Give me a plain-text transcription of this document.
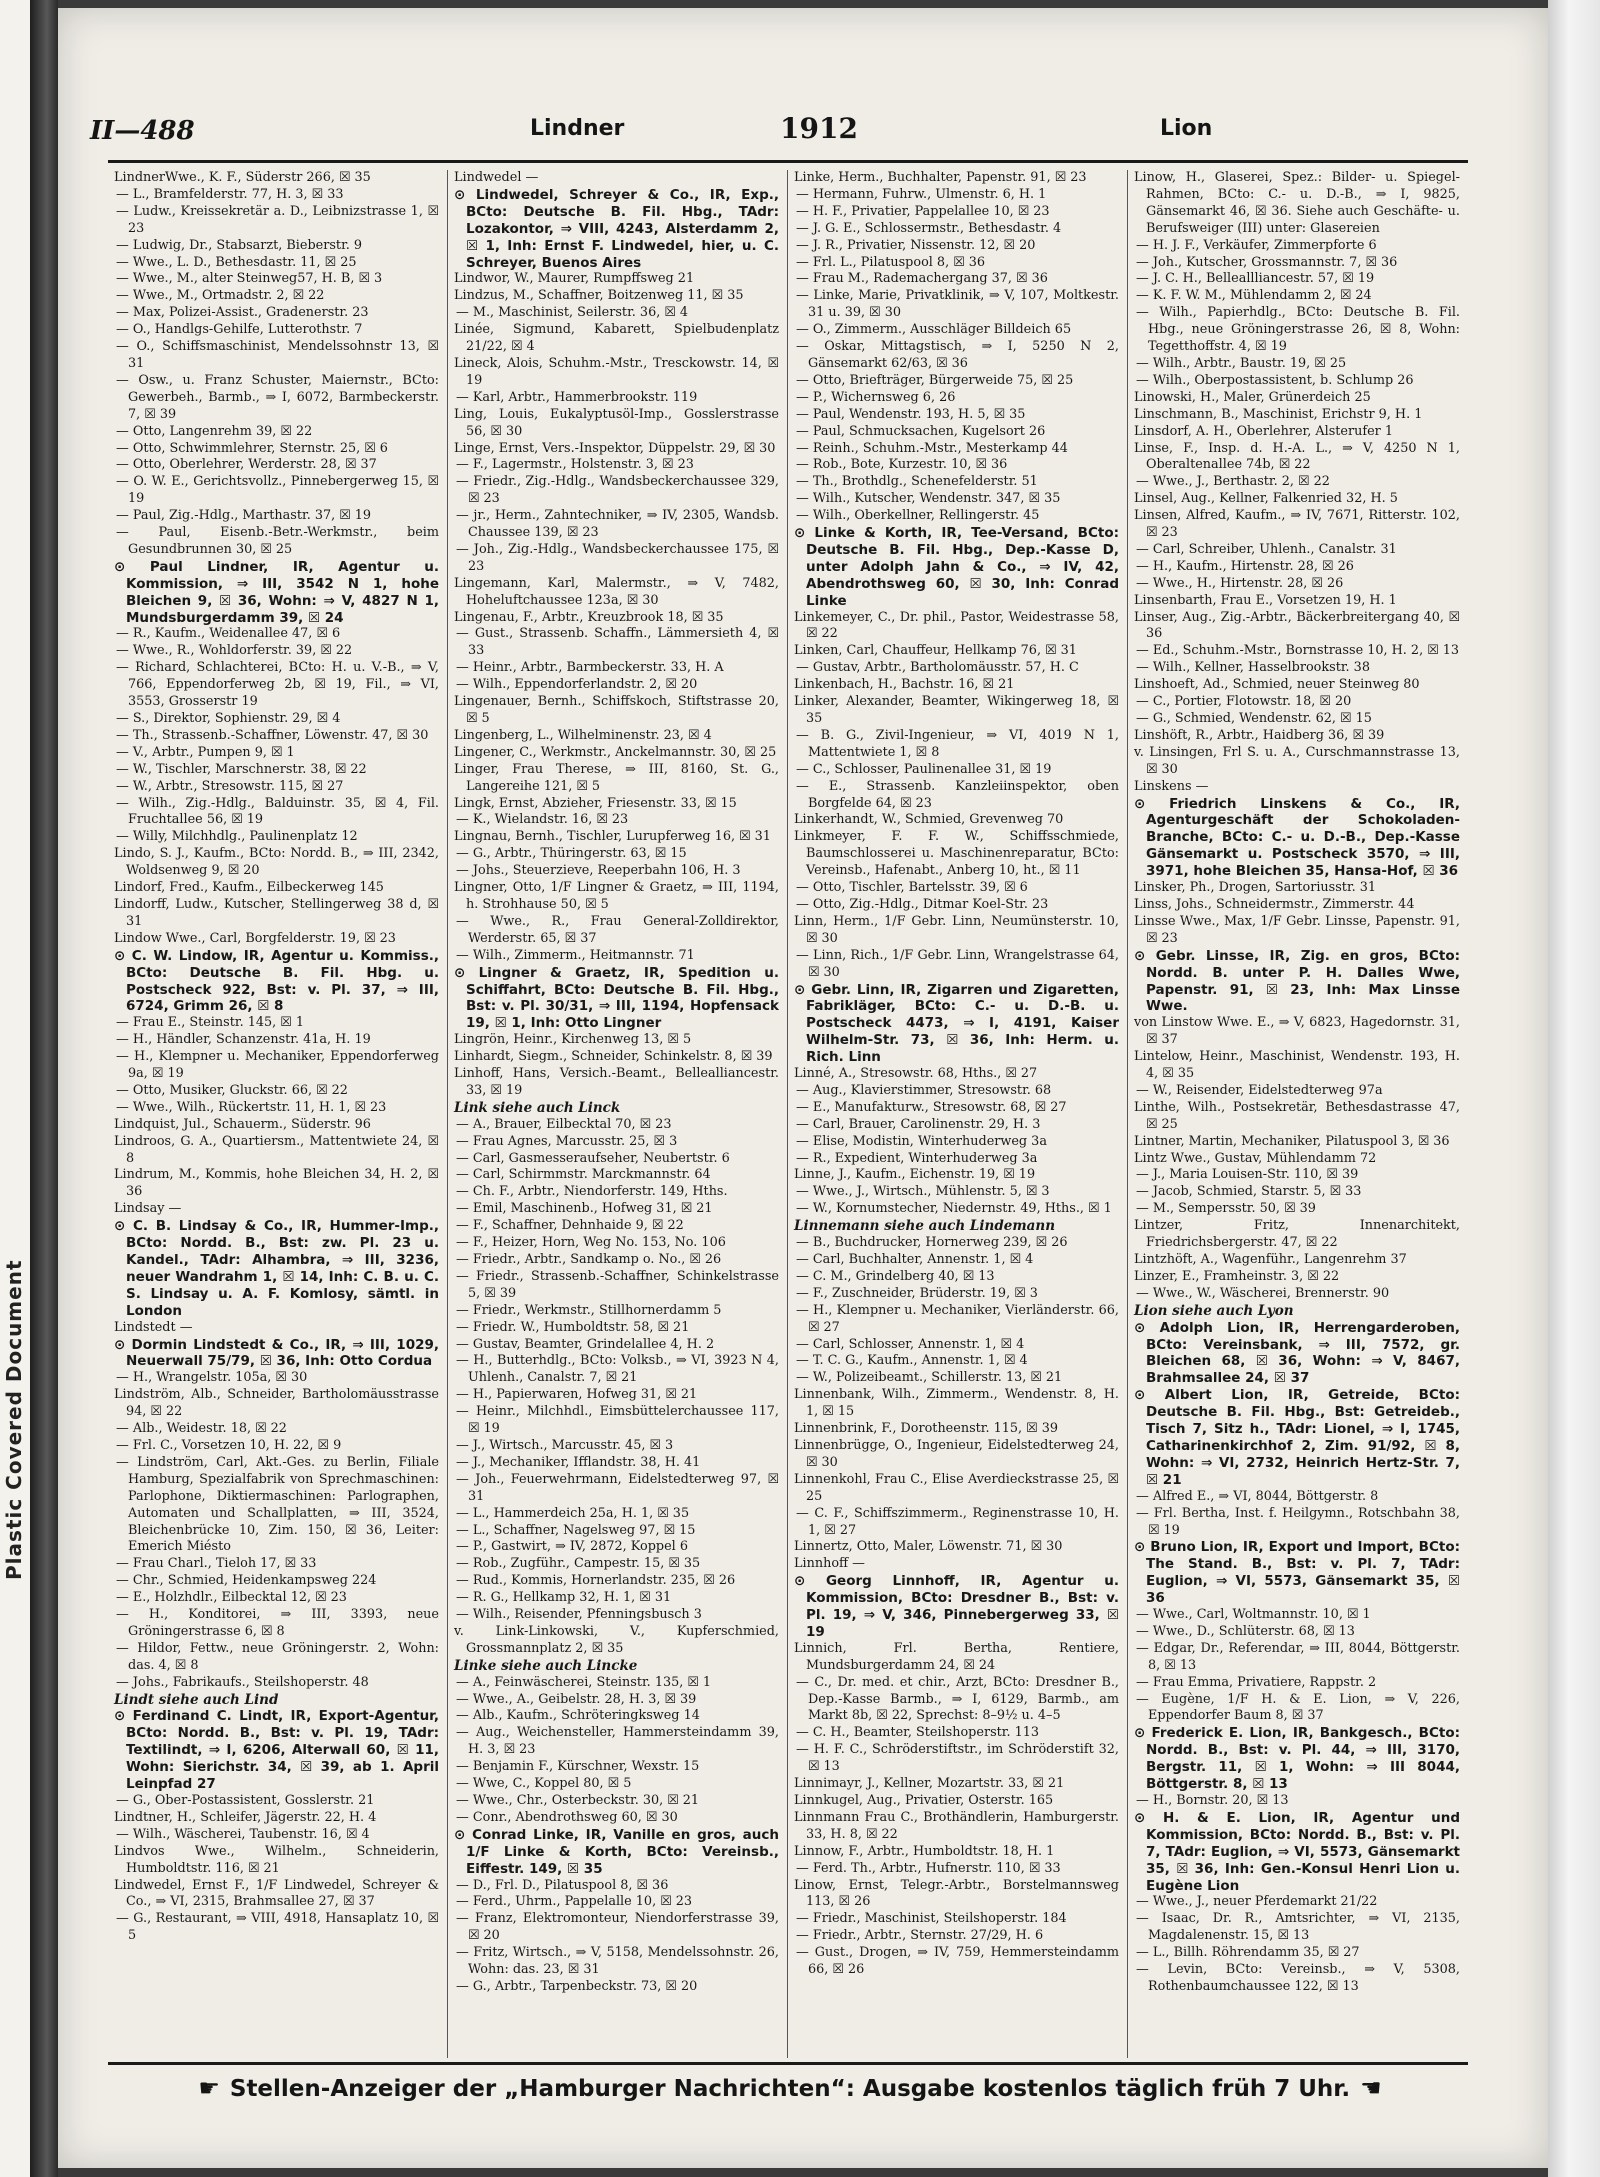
Plastic Covered Document
II—488	Lindner	1912	Lion

LindnerWwe., K. F., Süderstr 266, ☒ 35

— L., Bramfelderstr. 77, H. 3, ☒ 33

— Ludw., Kreissekretär a. D., Leibnizstrasse 1, ☒ 23

— Ludwig, Dr., Stabsarzt, Bieberstr. 9

— Wwe., L. D., Bethesdastr. 11, ☒ 25

— Wwe., M., alter Steinweg57, H. B, ☒ 3

— Wwe., M., Ortmadstr. 2, ☒ 22

— Max, Polizei-Assist., Gradenerstr. 23

— O., Handlgs-Gehilfe, Lutterothstr. 7

— O., Schiffsmaschinist, Mendelssohnstr 13, ☒ 31

— Osw., u. Franz Schuster, Maiernstr., BCto: Gewerbeh., Barmb., ⇒ I, 6072, Barmbeckerstr. 7, ☒ 39

— Otto, Langenrehm 39, ☒ 22

— Otto, Schwimmlehrer, Sternstr. 25, ☒ 6

— Otto, Oberlehrer, Werderstr. 28, ☒ 37

— O. W. E., Gerichtsvollz., Pinnebergerweg 15, ☒ 19

— Paul, Zig.-Hdlg., Marthastr. 37, ☒ 19

— Paul, Eisenb.-Betr.-Werkmstr., beim Gesundbrunnen 30, ☒ 25

⊙ Paul Lindner, IR, Agentur u. Kommission, ⇒ III, 3542 N 1, hohe Bleichen 9, ☒ 36, Wohn: ⇒ V, 4827 N 1, Mundsburgerdamm 39, ☒ 24

— R., Kaufm., Weidenallee 47, ☒ 6

— Wwe., R., Wohldorferstr. 39, ☒ 22

— Richard, Schlachterei, BCto: H. u. V.-B., ⇒ V, 766, Eppendorferweg 2b, ☒ 19, Fil., ⇒ VI, 3553, Grosserstr 19

— S., Direktor, Sophienstr. 29, ☒ 4

— Th., Strassenb.-Schaffner, Löwenstr. 47, ☒ 30

— V., Arbtr., Pumpen 9, ☒ 1

— W., Tischler, Marschnerstr. 38, ☒ 22

— W., Arbtr., Stresowstr. 115, ☒ 27

— Wilh., Zig.-Hdlg., Balduinstr. 35, ☒ 4, Fil. Fruchtallee 56, ☒ 19

— Willy, Milchhdlg., Paulinenplatz 12

Lindo, S. J., Kaufm., BCto: Nordd. B., ⇒ III, 2342, Woldsenweg 9, ☒ 20

Lindorf, Fred., Kaufm., Eilbeckerweg 145

Lindorff, Ludw., Kutscher, Stellingerweg 38 d, ☒ 31

Lindow Wwe., Carl, Borgfelderstr. 19, ☒ 23

⊙ C. W. Lindow, IR, Agentur u. Kommiss., BCto: Deutsche B. Fil. Hbg. u. Postscheck 922, Bst: v. Pl. 37, ⇒ III, 6724, Grimm 26, ☒ 8

— Frau E., Steinstr. 145, ☒ 1

— H., Händler, Schanzenstr. 41a, H. 19

— H., Klempner u. Mechaniker, Eppendorferweg 9a, ☒ 19

— Otto, Musiker, Gluckstr. 66, ☒ 22

— Wwe., Wilh., Rückertstr. 11, H. 1, ☒ 23

Lindquist, Jul., Schauerm., Süderstr. 96

Lindroos, G. A., Quartiersm., Mattentwiete 24, ☒ 8

Lindrum, M., Kommis, hohe Bleichen 34, H. 2, ☒ 36

Lindsay —

⊙ C. B. Lindsay & Co., IR, Hummer-Imp., BCto: Nordd. B., Bst: zw. Pl. 23 u. Kandel., TAdr: Alhambra, ⇒ III, 3236, neuer Wandrahm 1, ☒ 14, Inh: C. B. u. C. S. Lindsay u. A. F. Komlosy, sämtl. in London

Lindstedt —

⊙ Dormin Lindstedt & Co., IR, ⇒ III, 1029, Neuerwall 75/79, ☒ 36, Inh: Otto Cordua

— H., Wrangelstr. 105a, ☒ 30

Lindström, Alb., Schneider, Bartholomäusstrasse 94, ☒ 22

— Alb., Weidestr. 18, ☒ 22

— Frl. C., Vorsetzen 10, H. 22, ☒ 9

— Lindström, Carl, Akt.-Ges. zu Berlin, Filiale Hamburg, Spezialfabrik von Sprechmaschinen: Parlophone, Diktiermaschinen: Parlographen, Automaten und Schallplatten, ⇒ III, 3524, Bleichenbrücke 10, Zim. 150, ☒ 36, Leiter: Emerich Miésto

— Frau Charl., Tieloh 17, ☒ 33

— Chr., Schmied, Heidenkampsweg 224

— E., Holzhdlr., Eilbecktal 12, ☒ 23

— H., Konditorei, ⇒ III, 3393, neue Gröningerstrasse 6, ☒ 8

— Hildor, Fettw., neue Gröningerstr. 2, Wohn: das. 4, ☒ 8

— Johs., Fabrikaufs., Steilshoperstr. 48

Lindt siehe auch Lind

⊙ Ferdinand C. Lindt, IR, Export-Agentur, BCto: Nordd. B., Bst: v. Pl. 19, TAdr: Textilindt, ⇒ I, 6206, Alterwall 60, ☒ 11, Wohn: Sierichstr. 34, ☒ 39, ab 1. April Leinpfad 27

— G., Ober-Postassistent, Gosslerstr. 21

Lindtner, H., Schleifer, Jägerstr. 22, H. 4

— Wilh., Wäscherei, Taubenstr. 16, ☒ 4

Lindvos Wwe., Wilhelm., Schneiderin, Humboldtstr. 116, ☒ 21

Lindwedel, Ernst F., 1/F Lindwedel, Schreyer & Co., ⇒ VI, 2315, Brahmsallee 27, ☒ 37

— G., Restaurant, ⇒ VIII, 4918, Hansaplatz 10, ☒ 5

Lindwedel —

⊙ Lindwedel, Schreyer & Co., IR, Exp., BCto: Deutsche B. Fil. Hbg., TAdr: Lozakontor, ⇒ VIII, 4243, Alsterdamm 2, ☒ 1, Inh: Ernst F. Lindwedel, hier, u. C. Schreyer, Buenos Aires

Lindwor, W., Maurer, Rumpffsweg 21

Lindzus, M., Schaffner, Boitzenweg 11, ☒ 35

— M., Maschinist, Seilerstr. 36, ☒ 4

Linée, Sigmund, Kabarett, Spielbudenplatz 21/22, ☒ 4

Lineck, Alois, Schuhm.-Mstr., Tresckowstr. 14, ☒ 19

— Karl, Arbtr., Hammerbrookstr. 119

Ling, Louis, Eukalyptusöl-Imp., Gosslerstrasse 56, ☒ 30

Linge, Ernst, Vers.-Inspektor, Düppelstr. 29, ☒ 30

— F., Lagermstr., Holstenstr. 3, ☒ 23

— Friedr., Zig.-Hdlg., Wandsbeckerchaussee 329, ☒ 23

— jr., Herm., Zahntechniker, ⇒ IV, 2305, Wandsb. Chaussee 139, ☒ 23

— Joh., Zig.-Hdlg., Wandsbeckerchaussee 175, ☒ 23

Lingemann, Karl, Malermstr., ⇒ V, 7482, Hoheluftchaussee 123a, ☒ 30

Lingenau, F., Arbtr., Kreuzbrook 18, ☒ 35

— Gust., Strassenb. Schaffn., Lämmersieth 4, ☒ 33

— Heinr., Arbtr., Barmbeckerstr. 33, H. A

— Wilh., Eppendorferlandstr. 2, ☒ 20

Lingenauer, Bernh., Schiffskoch, Stiftstrasse 20, ☒ 5

Lingenberg, L., Wilhelminenstr. 23, ☒ 4

Lingener, C., Werkmstr., Anckelmannstr. 30, ☒ 25

Linger, Frau Therese, ⇒ III, 8160, St. G., Langereihe 121, ☒ 5

Lingk, Ernst, Abzieher, Friesenstr. 33, ☒ 15

— K., Wielandstr. 16, ☒ 23

Lingnau, Bernh., Tischler, Lurupferweg 16, ☒ 31

— G., Arbtr., Thüringerstr. 63, ☒ 15

— Johs., Steuerzieve, Reeperbahn 106, H. 3

Lingner, Otto, 1/F Lingner & Graetz, ⇒ III, 1194, h. Strohhause 50, ☒ 5

— Wwe., R., Frau General-Zolldirektor, Werderstr. 65, ☒ 37

— Wilh., Zimmerm., Heitmannstr. 71

⊙ Lingner & Graetz, IR, Spedition u. Schiffahrt, BCto: Deutsche B. Fil. Hbg., Bst: v. Pl. 30/31, ⇒ III, 1194, Hopfensack 19, ☒ 1, Inh: Otto Lingner

Lingrön, Heinr., Kirchenweg 13, ☒ 5

Linhardt, Siegm., Schneider, Schinkelstr. 8, ☒ 39

Linhoff, Hans, Versich.-Beamt., Bellealliancestr. 33, ☒ 19

Link siehe auch Linck

— A., Brauer, Eilbecktal 70, ☒ 23

— Frau Agnes, Marcusstr. 25, ☒ 3

— Carl, Gasmesseraufseher, Neubertstr. 6

— Carl, Schirmmstr. Marckmannstr. 64

— Ch. F., Arbtr., Niendorferstr. 149, Hths.

— Emil, Maschinenb., Hofweg 31, ☒ 21

— F., Schaffner, Dehnhaide 9, ☒ 22

— F., Heizer, Horn, Weg No. 153, No. 106

— Friedr., Arbtr., Sandkamp o. No., ☒ 26

— Friedr., Strassenb.-Schaffner, Schinkelstrasse 5, ☒ 39

— Friedr., Werkmstr., Stillhornerdamm 5

— Friedr. W., Humboldtstr. 58, ☒ 21

— Gustav, Beamter, Grindelallee 4, H. 2

— H., Butterhdlg., BCto: Volksb., ⇒ VI, 3923 N 4, Uhlenh., Canalstr. 7, ☒ 21

— H., Papierwaren, Hofweg 31, ☒ 21

— Heinr., Milchhdl., Eimsbüttelerchaussee 117, ☒ 19

— J., Wirtsch., Marcusstr. 45, ☒ 3

— J., Mechaniker, Ifflandstr. 38, H. 41

— Joh., Feuerwehrmann, Eidelstedterweg 97, ☒ 31

— L., Hammerdeich 25a, H. 1, ☒ 35

— L., Schaffner, Nagelsweg 97, ☒ 15

— P., Gastwirt, ⇒ IV, 2872, Koppel 6

— Rob., Zugführ., Campestr. 15, ☒ 35

— Rud., Kommis, Hornerlandstr. 235, ☒ 26

— R. G., Hellkamp 32, H. 1, ☒ 31

— Wilh., Reisender, Pfenningsbusch 3

v. Link-Linkowski, V., Kupferschmied, Grossmannplatz 2, ☒ 35

Linke siehe auch Lincke

— A., Feinwäscherei, Steinstr. 135, ☒ 1

— Wwe., A., Geibelstr. 28, H. 3, ☒ 39

— Alb., Kaufm., Schröteringksweg 14

— Aug., Weichensteller, Hammersteindamm 39, H. 3, ☒ 23

— Benjamin F., Kürschner, Wexstr. 15

— Wwe, C., Koppel 80, ☒ 5

— Wwe., Chr., Osterbeckstr. 30, ☒ 21

— Conr., Abendrothsweg 60, ☒ 30

⊙ Conrad Linke, IR, Vanille en gros, auch 1/F Linke & Korth, BCto: Vereinsb., Eiffestr. 149, ☒ 35

— D., Frl. D., Pilatuspool 8, ☒ 36

— Ferd., Uhrm., Pappelalle 10, ☒ 23

— Franz, Elektromonteur, Niendorferstrasse 39, ☒ 20

— Fritz, Wirtsch., ⇒ V, 5158, Mendelssohnstr. 26, Wohn: das. 23, ☒ 31

— G., Arbtr., Tarpenbeckstr. 73, ☒ 20

Linke, Herm., Buchhalter, Papenstr. 91, ☒ 23

— Hermann, Fuhrw., Ulmenstr. 6, H. 1

— H. F., Privatier, Pappelallee 10, ☒ 23

— J. G. E., Schlossermstr., Bethesdastr. 4

— J. R., Privatier, Nissenstr. 12, ☒ 20

— Frl. L., Pilatuspool 8, ☒ 36

— Frau M., Rademachergang 37, ☒ 36

— Linke, Marie, Privatklinik, ⇒ V, 107, Moltkestr. 31 u. 39, ☒ 30

— O., Zimmerm., Ausschläger Billdeich 65

— Oskar, Mittagstisch, ⇒ I, 5250 N 2, Gänsemarkt 62/63, ☒ 36

— Otto, Briefträger, Bürgerweide 75, ☒ 25

— P., Wichernsweg 6, 26

— Paul, Wendenstr. 193, H. 5, ☒ 35

— Paul, Schmucksachen, Kugelsort 26

— Reinh., Schuhm.-Mstr., Mesterkamp 44

— Rob., Bote, Kurzestr. 10, ☒ 36

— Th., Brothdlg., Schenefelderstr. 51

— Wilh., Kutscher, Wendenstr. 347, ☒ 35

— Wilh., Oberkellner, Rellingerstr. 45

⊙ Linke & Korth, IR, Tee-Versand, BCto: Deutsche B. Fil. Hbg., Dep.-Kasse D, unter Adolph Jahn & Co., ⇒ IV, 42, Abendrothsweg 60, ☒ 30, Inh: Conrad Linke

Linkemeyer, C., Dr. phil., Pastor, Weidestrasse 58, ☒ 22

Linken, Carl, Chauffeur, Hellkamp 76, ☒ 31

— Gustav, Arbtr., Bartholomäusstr. 57, H. C

Linkenbach, H., Bachstr. 16, ☒ 21

Linker, Alexander, Beamter, Wikingerweg 18, ☒ 35

— B. G., Zivil-Ingenieur, ⇒ VI, 4019 N 1, Mattentwiete 1, ☒ 8

— C., Schlosser, Paulinenallee 31, ☒ 19

— E., Strassenb. Kanzleiinspektor, oben Borgfelde 64, ☒ 23

Linkerhandt, W., Schmied, Grevenweg 70

Linkmeyer, F. F. W., Schiffsschmiede, Baumschlosserei u. Maschinenreparatur, BCto: Vereinsb., Hafenabt., Anberg 10, ht., ☒ 11

— Otto, Tischler, Bartelsstr. 39, ☒ 6

— Otto, Zig.-Hdlg., Ditmar Koel-Str. 23

Linn, Herm., 1/F Gebr. Linn, Neumünsterstr. 10, ☒ 30

— Linn, Rich., 1/F Gebr. Linn, Wrangelstrasse 64, ☒ 30

⊙ Gebr. Linn, IR, Zigarren und Zigaretten, Fabrikläger, BCto: C.- u. D.-B. u. Postscheck 4473, ⇒ I, 4191, Kaiser Wilhelm-Str. 73, ☒ 36, Inh: Herm. u. Rich. Linn

Linné, A., Stresowstr. 68, Hths., ☒ 27

— Aug., Klavierstimmer, Stresowstr. 68

— E., Manufakturw., Stresowstr. 68, ☒ 27

— Carl, Brauer, Carolinenstr. 29, H. 3

— Elise, Modistin, Winterhuderweg 3a

— R., Expedient, Winterhuderweg 3a

Linne, J., Kaufm., Eichenstr. 19, ☒ 19

— Wwe., J., Wirtsch., Mühlenstr. 5, ☒ 3

— W., Kornumstecher, Niedernstr. 49, Hths., ☒ 1

Linnemann siehe auch Lindemann

— B., Buchdrucker, Hornerweg 239, ☒ 26

— Carl, Buchhalter, Annenstr. 1, ☒ 4

— C. M., Grindelberg 40, ☒ 13

— F., Zuschneider, Brüderstr. 19, ☒ 3

— H., Klempner u. Mechaniker, Vierländerstr. 66, ☒ 27

— Carl, Schlosser, Annenstr. 1, ☒ 4

— T. C. G., Kaufm., Annenstr. 1, ☒ 4

— W., Polizeibeamt., Schillerstr. 13, ☒ 21

Linnenbank, Wilh., Zimmerm., Wendenstr. 8, H. 1, ☒ 15

Linnenbrink, F., Dorotheenstr. 115, ☒ 39

Linnenbrügge, O., Ingenieur, Eidelstedterweg 24, ☒ 30

Linnenkohl, Frau C., Elise Averdieckstrasse 25, ☒ 25

— C. F., Schiffszimmerm., Reginenstrasse 10, H. 1, ☒ 27

Linnertz, Otto, Maler, Löwenstr. 71, ☒ 30

Linnhoff —

⊙ Georg Linnhoff, IR, Agentur u. Kommission, BCto: Dresdner B., Bst: v. Pl. 19, ⇒ V, 346, Pinnebergerweg 33, ☒ 19

Linnich, Frl. Bertha, Rentiere, Mundsburgerdamm 24, ☒ 24

— C., Dr. med. et chir., Arzt, BCto: Dresdner B., Dep.-Kasse Barmb., ⇒ I, 6129, Barmb., am Markt 8b, ☒ 22, Sprechst: 8–9½ u. 4–5

— C. H., Beamter, Steilshoperstr. 113

— H. F. C., Schröderstiftstr., im Schröderstift 32, ☒ 13

Linnimayr, J., Kellner, Mozartstr. 33, ☒ 21

Linnkugel, Aug., Privatier, Osterstr. 165

Linnmann Frau C., Brothändlerin, Hamburgerstr. 33, H. 8, ☒ 22

Linnow, F., Arbtr., Humboldtstr. 18, H. 1

— Ferd. Th., Arbtr., Hufnerstr. 110, ☒ 33

Linow, Ernst, Telegr.-Arbtr., Borstelmannsweg 113, ☒ 26

— Friedr., Maschinist, Steilshoperstr. 184

— Friedr., Arbtr., Sternstr. 27/29, H. 6

— Gust., Drogen, ⇒ IV, 759, Hemmersteindamm 66, ☒ 26

Linow, H., Glaserei, Spez.: Bilder- u. Spiegel-Rahmen, BCto: C.- u. D.-B., ⇒ I, 9825, Gänsemarkt 46, ☒ 36. Siehe auch Geschäfte- u. Berufsweiger (III) unter: Glasereien

— H. J. F., Verkäufer, Zimmerpforte 6

— Joh., Kutscher, Grossmannstr. 7, ☒ 36

— J. C. H., Belleallliancestr. 57, ☒ 19

— K. F. W. M., Mühlendamm 2, ☒ 24

— Wilh., Papierhdlg., BCto: Deutsche B. Fil. Hbg., neue Gröningerstrasse 26, ☒ 8, Wohn: Tegetthoffstr. 4, ☒ 19

— Wilh., Arbtr., Baustr. 19, ☒ 25

— Wilh., Oberpostassistent, b. Schlump 26

Linowski, H., Maler, Grünerdeich 25

Linschmann, B., Maschinist, Erichstr 9, H. 1

Linsdorf, A. H., Oberlehrer, Alsterufer 1

Linse, F., Insp. d. H.-A. L., ⇒ V, 4250 N 1, Oberaltenallee 74b, ☒ 22

— Wwe., J., Berthastr. 2, ☒ 22

Linsel, Aug., Kellner, Falkenried 32, H. 5

Linsen, Alfred, Kaufm., ⇒ IV, 7671, Ritterstr. 102, ☒ 23

— Carl, Schreiber, Uhlenh., Canalstr. 31

— H., Kaufm., Hirtenstr. 28, ☒ 26

— Wwe., H., Hirtenstr. 28, ☒ 26

Linsenbarth, Frau E., Vorsetzen 19, H. 1

Linser, Aug., Zig.-Arbtr., Bäckerbreitergang 40, ☒ 36

— Ed., Schuhm.-Mstr., Bornstrasse 10, H. 2, ☒ 13

— Wilh., Kellner, Hasselbrookstr. 38

Linshoeft, Ad., Schmied, neuer Steinweg 80

— C., Portier, Flotowstr. 18, ☒ 20

— G., Schmied, Wendenstr. 62, ☒ 15

Linshöft, R., Arbtr., Haidberg 36, ☒ 39

v. Linsingen, Frl S. u. A., Curschmannstrasse 13, ☒ 30

Linskens —

⊙ Friedrich Linskens & Co., IR, Agenturgeschäft der Schokoladen-Branche, BCto: C.- u. D.-B., Dep.-Kasse Gänsemarkt u. Postscheck 3570, ⇒ III, 3971, hohe Bleichen 35, Hansa-Hof, ☒ 36

Linsker, Ph., Drogen, Sartoriusstr. 31

Linss, Johs., Schneidermstr., Zimmerstr. 44

Linsse Wwe., Max, 1/F Gebr. Linsse, Papenstr. 91, ☒ 23

⊙ Gebr. Linsse, IR, Zig. en gros, BCto: Nordd. B. unter P. H. Dalles Wwe, Papenstr. 91, ☒ 23, Inh: Max Linsse Wwe.

von Linstow Wwe. E., ⇒ V, 6823, Hagedornstr. 31, ☒ 37

Lintelow, Heinr., Maschinist, Wendenstr. 193, H. 4, ☒ 35

— W., Reisender, Eidelstedterweg 97a

Linthe, Wilh., Postsekretär, Bethesdastrasse 47, ☒ 25

Lintner, Martin, Mechaniker, Pilatuspool 3, ☒ 36

Lintz Wwe., Gustav, Mühlendamm 72

— J., Maria Louisen-Str. 110, ☒ 39

— Jacob, Schmied, Starstr. 5, ☒ 33

— M., Sempersstr. 50, ☒ 39

Lintzer, Fritz, Innenarchitekt, Friedrichsbergerstr. 47, ☒ 22

Lintzhöft, A., Wagenführ., Langenrehm 37

Linzer, E., Framheinstr. 3, ☒ 22

— Wwe., W., Wäscherei, Brennerstr. 90

Lion siehe auch Lyon

⊙ Adolph Lion, IR, Herrengarderoben, BCto: Vereinsbank, ⇒ III, 7572, gr. Bleichen 68, ☒ 36, Wohn: ⇒ V, 8467, Brahmsallee 24, ☒ 37

⊙ Albert Lion, IR, Getreide, BCto: Deutsche B. Fil. Hbg., Bst: Getreideb., Tisch 7, Sitz h., TAdr: Lionel, ⇒ I, 1745, Catharinenkirchhof 2, Zim. 91/92, ☒ 8, Wohn: ⇒ VI, 2732, Heinrich Hertz-Str. 7, ☒ 21

— Alfred E., ⇒ VI, 8044, Böttgerstr. 8

— Frl. Bertha, Inst. f. Heilgymn., Rotschbahn 38, ☒ 19

⊙ Bruno Lion, IR, Export und Import, BCto: The Stand. B., Bst: v. Pl. 7, TAdr: Euglion, ⇒ VI, 5573, Gänsemarkt 35, ☒ 36

— Wwe., Carl, Woltmannstr. 10, ☒ 1

— Wwe., D., Schlüterstr. 68, ☒ 13

— Edgar, Dr., Referendar, ⇒ III, 8044, Böttgerstr. 8, ☒ 13

— Frau Emma, Privatiere, Rappstr. 2

— Eugène, 1/F H. & E. Lion, ⇒ V, 226, Eppendorfer Baum 8, ☒ 37

⊙ Frederick E. Lion, IR, Bankgesch., BCto: Nordd. B., Bst: v. Pl. 44, ⇒ III, 3170, Bergstr. 11, ☒ 1, Wohn: ⇒ III 8044, Böttgerstr. 8, ☒ 13

— H., Bornstr. 20, ☒ 13

⊙ H. & E. Lion, IR, Agentur und Kommission, BCto: Nordd. B., Bst: v. Pl. 7, TAdr: Euglion, ⇒ VI, 5573, Gänsemarkt 35, ☒ 36, Inh: Gen.-Konsul Henri Lion u. Eugène Lion

— Wwe., J., neuer Pferdemarkt 21/22

— Isaac, Dr. R., Amtsrichter, ⇒ VI, 2135, Magdalenenstr. 15, ☒ 13

— L., Billh. Röhrendamm 35, ☒ 27

— Levin, BCto: Vereinsb., ⇒ V, 5308, Rothenbaumchaussee 122, ☒ 13

☛ Stellen-Anzeiger der „Hamburger Nachrichten“: Ausgabe kostenlos täglich früh 7 Uhr. ☚
